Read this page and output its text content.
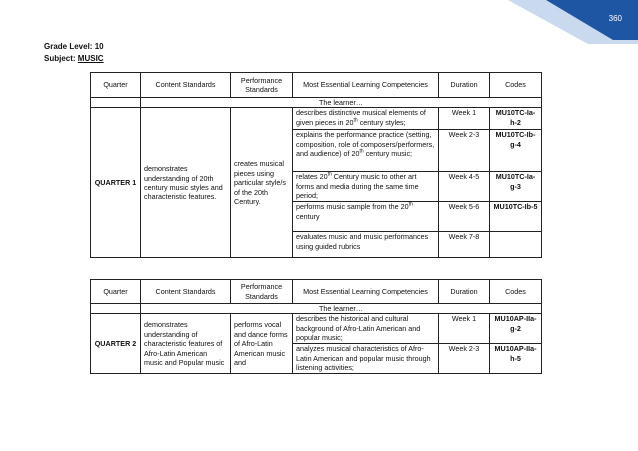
360
Grade Level: 10
Subject: MUSIC
Quarter	Content Standards	Performance Standards	Most Essential Learning Competencies	Duration	Codes
	The learner…				
QUARTER 1	demonstrates understanding of 20th century music styles and characteristic features.	creates musical pieces using particular style/s of the 20th Century.	describes distinctive musical elements of given pieces in 20th century styles;	Week 1	MU10TC-Ia-h-2
			explains the performance practice (setting, composition, role of composers/performers, and audience) of 20th century music;	Week 2-3	MU10TC-Ib-g-4
			relates 20th Century music to other art forms and media during the same time period;	Week 4-5	MU10TC-Ia-g-3
			performs music sample from the 20th century	Week 5-6	MU10TC-Ib-5
			evaluates music and music performances using guided rubrics	Week 7-8	
Quarter	Content Standards	Performance Standards	Most Essential Learning Competencies	Duration	Codes
	The learner…				
QUARTER 2	demonstrates understanding of characteristic features of Afro-Latin American music and Popular music	performs vocal and dance forms of Afro-Latin American music and	describes the historical and cultural background of Afro-Latin American and popular music;	Week 1	MU10AP-IIa-g-2
			analyzes musical characteristics of Afro-Latin American and popular music through listening activities;	Week 2-3	MU10AP-IIa-h-5
